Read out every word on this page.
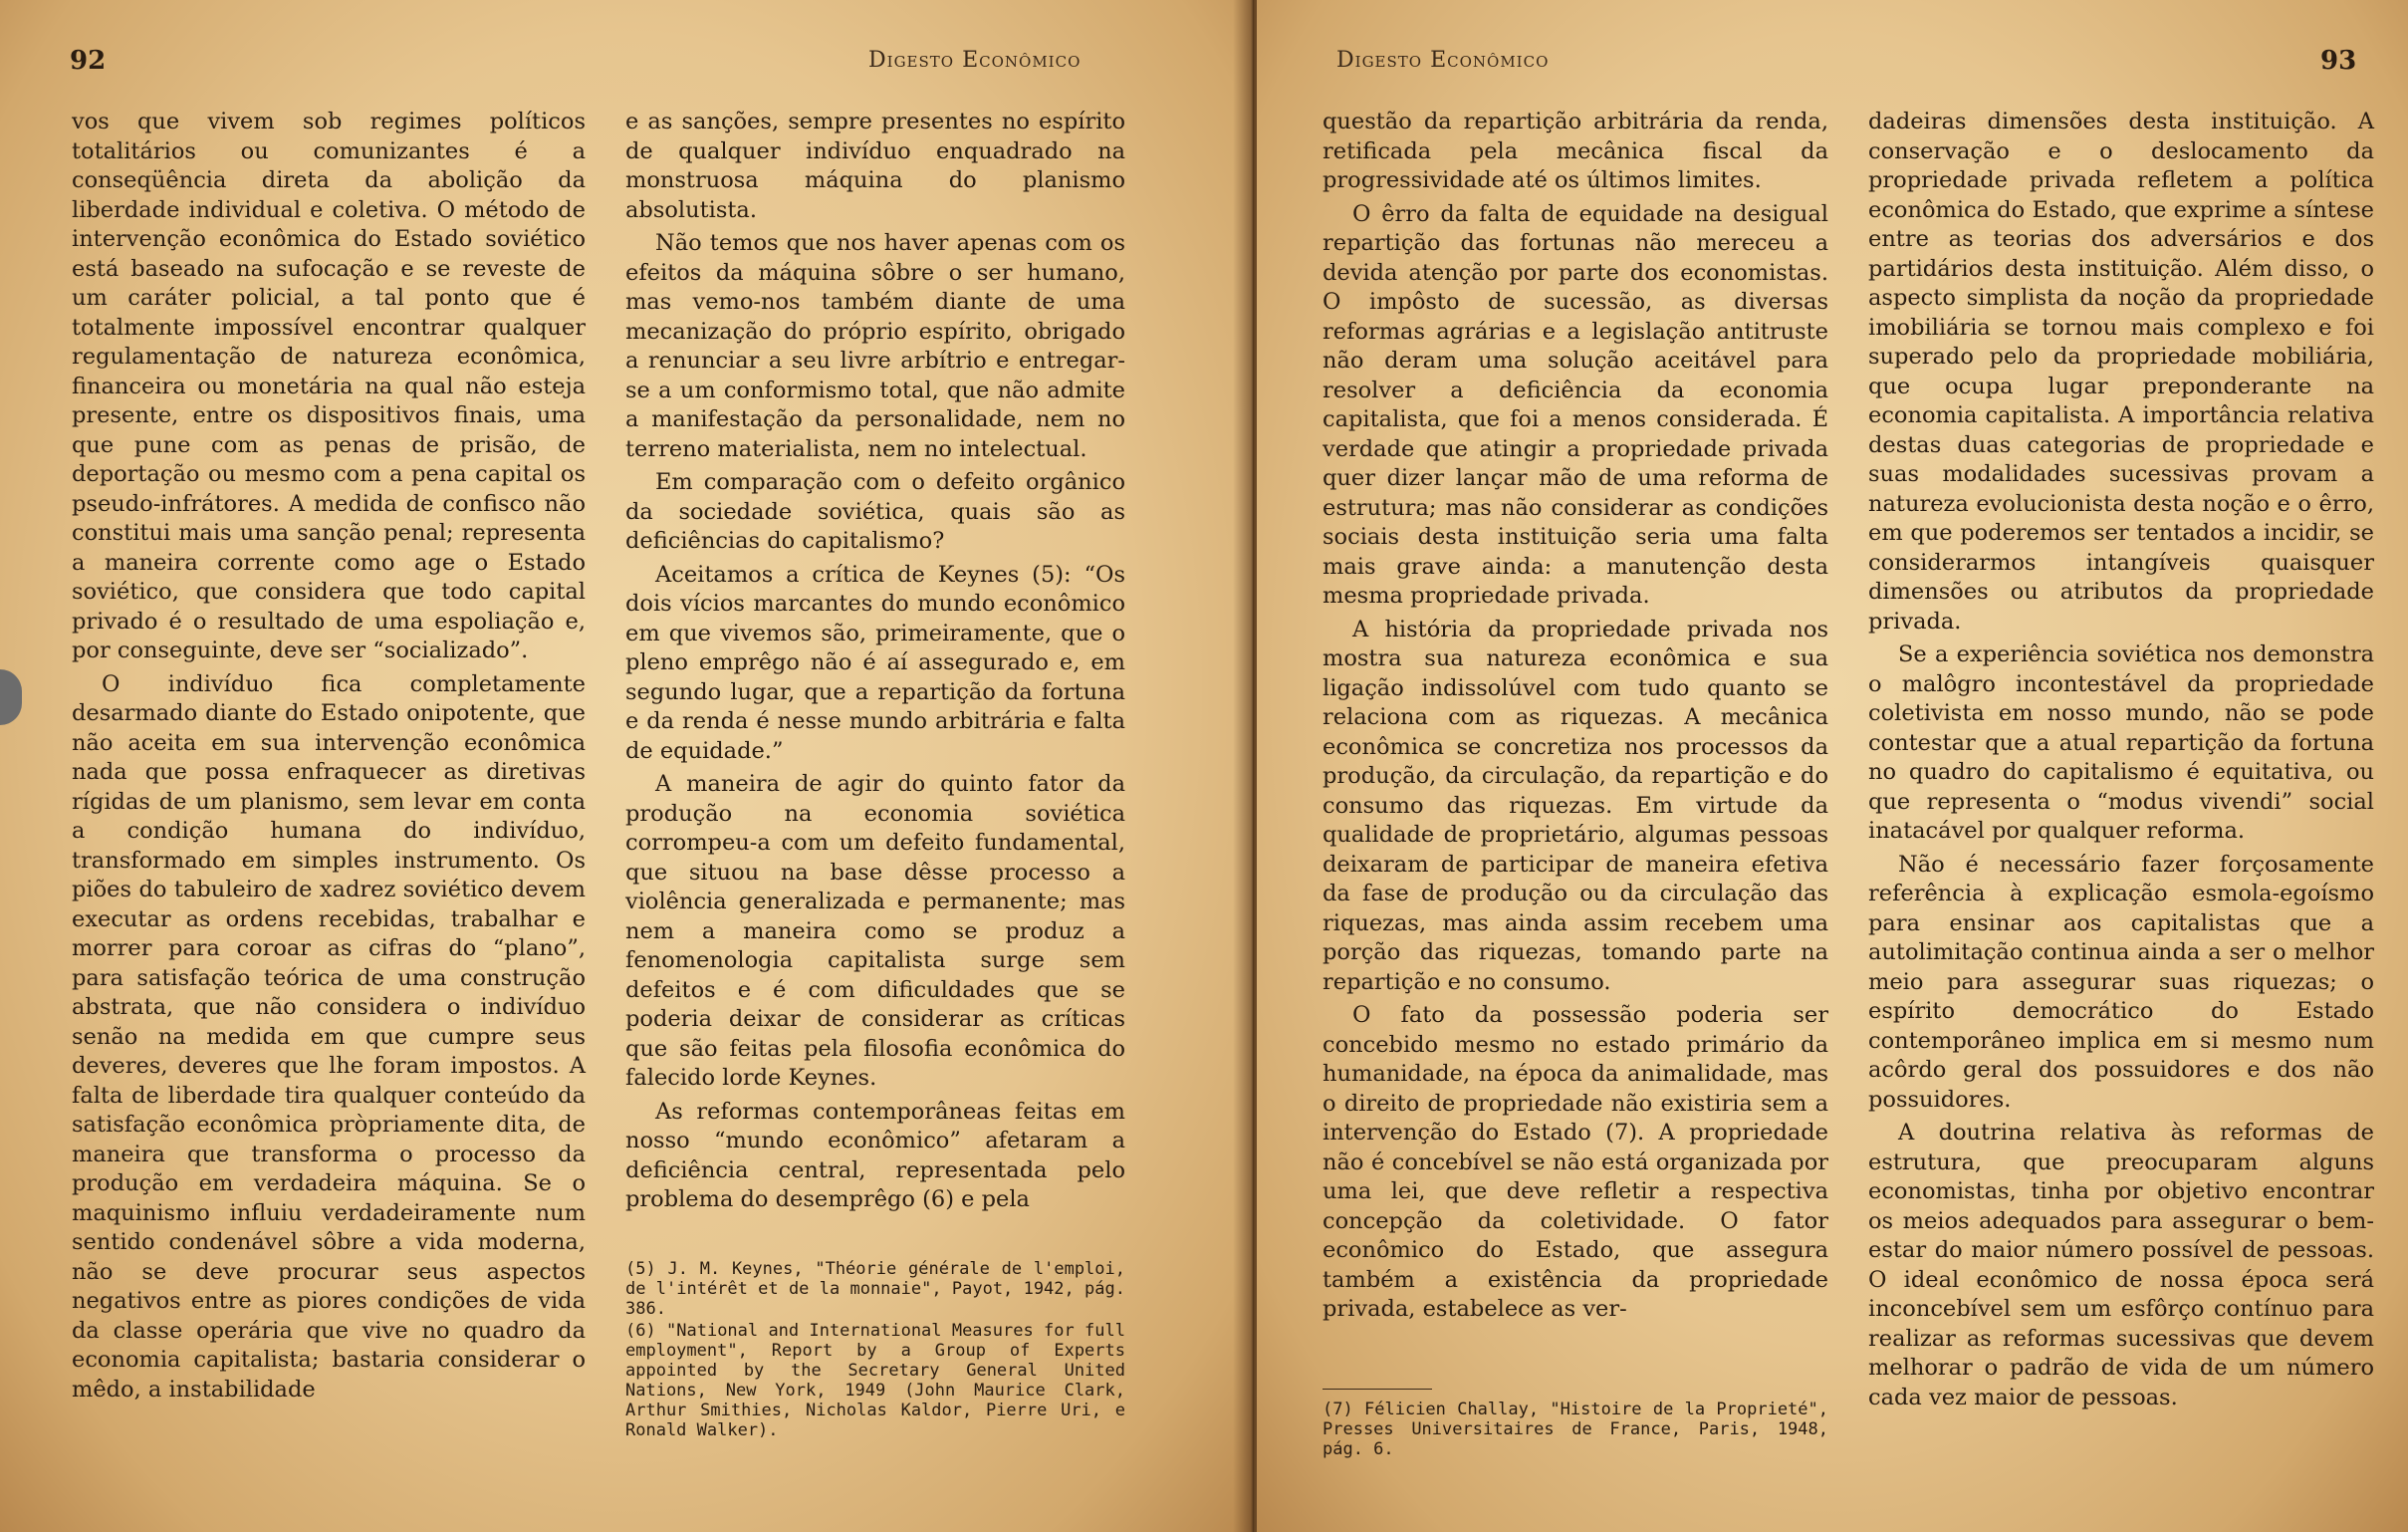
92	Digesto Econômico

vos que vivem sob regimes políticos totalitários ou comunizantes é a conseqüência direta da abolição da liberdade individual e coletiva. O método de intervenção econômica do Estado soviético está baseado na sufocação e se reveste de um caráter policial, a tal ponto que é totalmente impossível encontrar qualquer regulamentação de natureza econômica, financeira ou monetária na qual não esteja presente, entre os dispositivos finais, uma que pune com as penas de prisão, de deportação ou mesmo com a pena capital os pseudo-infrátores. A medida de confisco não constitui mais uma sanção penal; representa a maneira corrente como age o Estado soviético, que considera que todo capital privado é o resultado de uma espoliação e, por conseguinte, deve ser “socializado”.

O indivíduo fica completamente desarmado diante do Estado onipotente, que não aceita em sua intervenção econômica nada que possa enfraquecer as diretivas rígidas de um planismo, sem levar em conta a condição humana do indivíduo, transformado em simples instrumento. Os piões do tabuleiro de xadrez soviético devem executar as ordens recebidas, trabalhar e morrer para coroar as cifras do “plano”, para satisfação teórica de uma construção abstrata, que não considera o indivíduo senão na medida em que cumpre seus deveres, deveres que lhe foram impostos. A falta de liberdade tira qualquer conteúdo da satisfação econômica pròpriamente dita, de maneira que transforma o processo da produção em verdadeira máquina. Se o maquinismo influiu verdadeiramente num sentido condenável sôbre a vida moderna, não se deve procurar seus aspectos negativos entre as piores condições de vida da classe operária que vive no quadro da economia capitalista; bastaria considerar o mêdo, a instabilidade

e as sanções, sempre presentes no espírito de qualquer indivíduo enquadrado na monstruosa máquina do planismo absolutista.

Não temos que nos haver apenas com os efeitos da máquina sôbre o ser humano, mas vemo-nos também diante de uma mecanização do próprio espírito, obrigado a renunciar a seu livre arbítrio e entregar-se a um conformismo total, que não admite a manifestação da personalidade, nem no terreno materialista, nem no intelectual.

Em comparação com o defeito orgânico da sociedade soviética, quais são as deficiências do capitalismo?

Aceitamos a crítica de Keynes (5): “Os dois vícios marcantes do mundo econômico em que vivemos são, primeiramente, que o pleno emprêgo não é aí assegurado e, em segundo lugar, que a repartição da fortuna e da renda é nesse mundo arbitrária e falta de equidade.”

A maneira de agir do quinto fator da produção na economia soviética corrompeu-a com um defeito fundamental, que situou na base dêsse processo a violência generalizada e permanente; mas nem a maneira como se produz a fenomenologia capitalista surge sem defeitos e é com dificuldades que se poderia deixar de considerar as críticas que são feitas pela filosofia econômica do falecido lorde Keynes.

As reformas contemporâneas feitas em nosso “mundo econômico” afetaram a deficiência central, representada pelo problema do desemprêgo (6) e pela

(5) J. M. Keynes, "Théorie générale de l'emploi, de l'intérêt et de la monnaie", Payot, 1942, pág. 386.

(6) "National and International Measures for full employment", Report by a Group of Experts appointed by the Secretary General United Nations, New York, 1949 (John Maurice Clark, Arthur Smithies, Nicholas Kaldor, Pierre Uri, e Ronald Walker).

Digesto Econômico	93

questão da repartição arbitrária da renda, retificada pela mecânica fiscal da progressividade até os últimos limites.

O êrro da falta de equidade na desigual repartição das fortunas não mereceu a devida atenção por parte dos economistas. O impôsto de sucessão, as diversas reformas agrárias e a legislação antitruste não deram uma solução aceitável para resolver a deficiência da economia capitalista, que foi a menos considerada. É verdade que atingir a propriedade privada quer dizer lançar mão de uma reforma de estrutura; mas não considerar as condições sociais desta instituição seria uma falta mais grave ainda: a manutenção desta mesma propriedade privada.

A história da propriedade privada nos mostra sua natureza econômica e sua ligação indissolúvel com tudo quanto se relaciona com as riquezas. A mecânica econômica se concretiza nos processos da produção, da circulação, da repartição e do consumo das riquezas. Em virtude da qualidade de proprietário, algumas pessoas deixaram de participar de maneira efetiva da fase de produção ou da circulação das riquezas, mas ainda assim recebem uma porção das riquezas, tomando parte na repartição e no consumo.

O fato da possessão poderia ser concebido mesmo no estado primário da humanidade, na época da animalidade, mas o direito de propriedade não existiria sem a intervenção do Estado (7). A propriedade não é concebível se não está organizada por uma lei, que deve refletir a respectiva concepção da coletividade. O fator econômico do Estado, que assegura também a existência da propriedade privada, estabelece as ver-

dadeiras dimensões desta instituição. A conservação e o deslocamento da propriedade privada refletem a política econômica do Estado, que exprime a síntese entre as teorias dos adversários e dos partidários desta instituição. Além disso, o aspecto simplista da noção da propriedade imobiliária se tornou mais complexo e foi superado pelo da propriedade mobiliária, que ocupa lugar preponderante na economia capitalista. A importância relativa destas duas categorias de propriedade e suas modalidades sucessivas provam a natureza evolucionista desta noção e o êrro, em que poderemos ser tentados a incidir, se considerarmos intangíveis quaisquer dimensões ou atributos da propriedade privada.

Se a experiência soviética nos demonstra o malôgro incontestável da propriedade coletivista em nosso mundo, não se pode contestar que a atual repartição da fortuna no quadro do capitalismo é equitativa, ou que representa o “modus vivendi” social inatacável por qualquer reforma.

Não é necessário fazer forçosamente referência à explicação esmola-egoísmo para ensinar aos capitalistas que a autolimitação continua ainda a ser o melhor meio para assegurar suas riquezas; o espírito democrático do Estado contemporâneo implica em si mesmo num acôrdo geral dos possuidores e dos não possuidores.

A doutrina relativa às reformas de estrutura, que preocuparam alguns economistas, tinha por objetivo encontrar os meios adequados para assegurar o bem-estar do maior número possível de pessoas. O ideal econômico de nossa época será inconcebível sem um esfôrço contínuo para realizar as reformas sucessivas que devem melhorar o padrão de vida de um número cada vez maior de pessoas.

(7) Félicien Challay, "Histoire de la Proprieté", Presses Universitaires de France, Paris, 1948, pág. 6.
